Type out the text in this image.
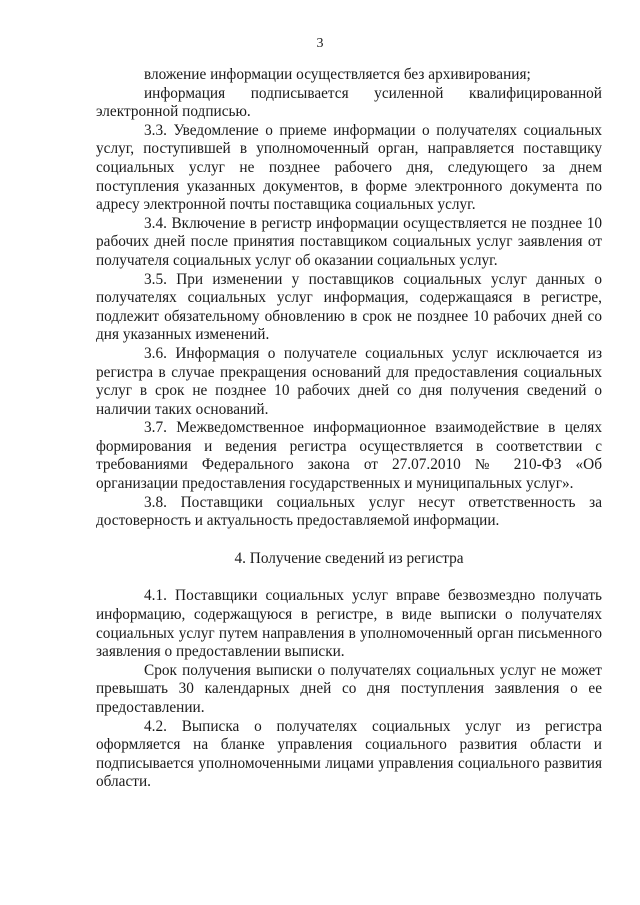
3

вложение информации осуществляется без архивирования;

информация подписывается усиленной квалифицированной электронной подписью.

3.3. Уведомление о приеме информации о получателях социальных услуг, поступившей в уполномоченный орган, направляется поставщику социальных услуг не позднее рабочего дня, следующего за днем поступления указанных документов, в форме электронного документа по адресу электронной почты поставщика социальных услуг.

3.4. Включение в регистр информации осуществляется не позднее 10 рабочих дней после принятия поставщиком социальных услуг заявления от получателя социальных услуг об оказании социальных услуг.

3.5. При изменении у поставщиков социальных услуг данных о получателях социальных услуг информация, содержащаяся в регистре, подлежит обязательному обновлению в срок не позднее 10 рабочих дней со дня указанных изменений.

3.6. Информация о получателе социальных услуг исключается из регистра в случае прекращения оснований для предоставления социальных услуг в срок не позднее 10 рабочих дней со дня получения сведений о наличии таких оснований.

3.7. Межведомственное информационное взаимодействие в целях формирования и ведения регистра осуществляется в соответствии с требованиями Федерального закона от 27.07.2010 № 210-ФЗ «Об организации предоставления государственных и муниципальных услуг».

3.8. Поставщики социальных услуг несут ответственность за достоверность и актуальность предоставляемой информации.

4. Получение сведений из регистра

4.1. Поставщики социальных услуг вправе безвозмездно получать информацию, содержащуюся в регистре, в виде выписки о получателях социальных услуг путем направления в уполномоченный орган письменного заявления о предоставлении выписки.

Срок получения выписки о получателях социальных услуг не может превышать 30 календарных дней со дня поступления заявления о ее предоставлении.

4.2. Выписка о получателях социальных услуг из регистра оформляется на бланке управления социального развития области и подписывается уполномоченными лицами управления социального развития области.
